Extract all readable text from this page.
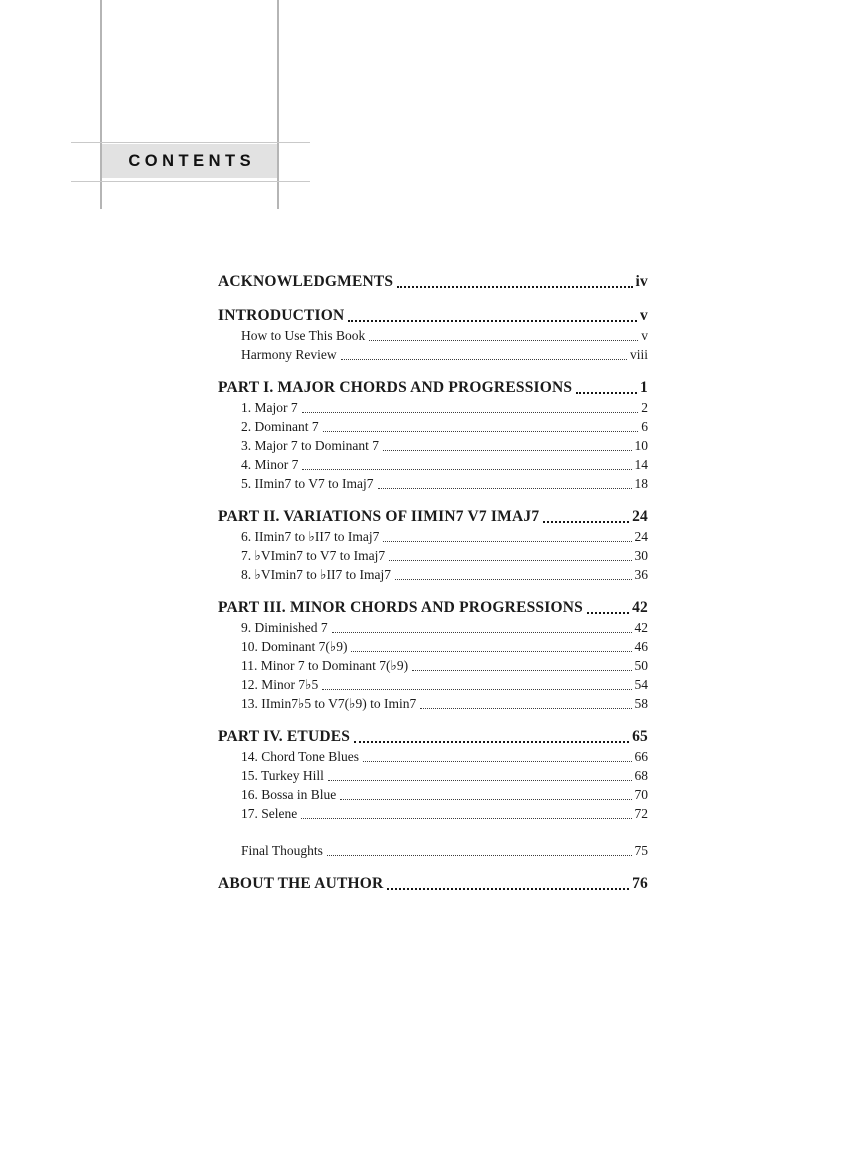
CONTENTS
ACKNOWLEDGMENTS	iv
INTRODUCTION	v
How to Use This Book	v
Harmony Review	viii
PART I. MAJOR CHORDS AND PROGRESSIONS	1
1. Major 7	2
2. Dominant 7	6
3. Major 7 to Dominant 7	10
4. Minor 7	14
5. IImin7 to V7 to Imaj7	18
PART II. VARIATIONS OF IIMIN7 V7 IMAJ7	24
6. IImin7 to ♭II7 to Imaj7	24
7. ♭VImin7 to V7 to Imaj7	30
8. ♭VImin7 to ♭II7 to Imaj7	36
PART III. MINOR CHORDS AND PROGRESSIONS	42
9. Diminished 7	42
10. Dominant 7(♭9)	46
11. Minor 7 to Dominant 7(♭9)	50
12. Minor 7♭5	54
13. IImin7♭5 to V7(♭9) to Imin7	58
PART IV. ETUDES	65
14. Chord Tone Blues	66
15. Turkey Hill	68
16. Bossa in Blue	70
17. Selene	72
Final Thoughts	75
ABOUT THE AUTHOR	76
